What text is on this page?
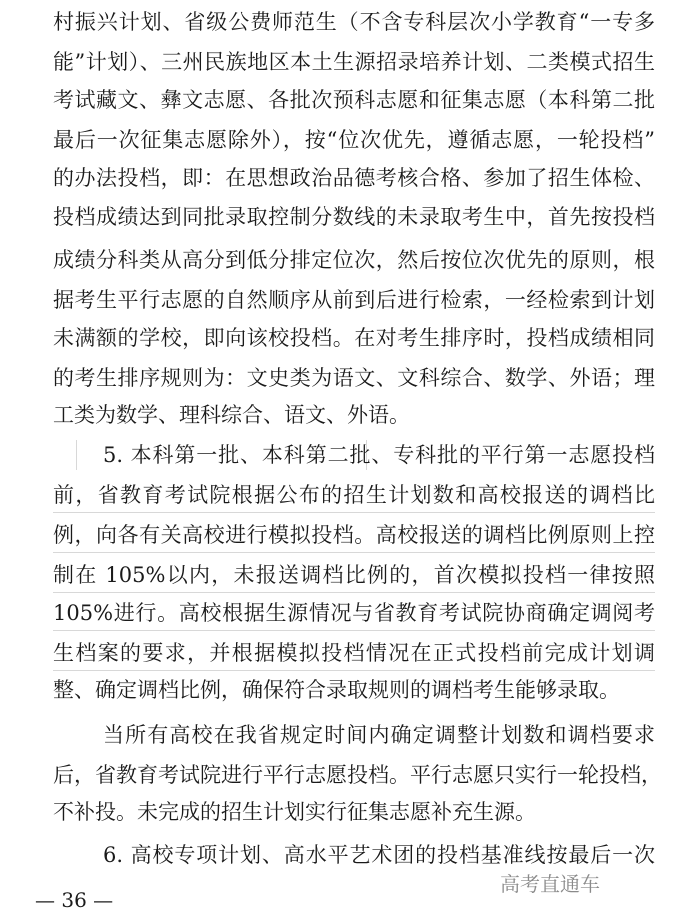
村振兴计划、省级公费师范生（不含专科层次小学教育“一专多
能”计划）、三州民族地区本土生源招录培养计划、二类模式招生
考试藏文、彝文志愿、各批次预科志愿和征集志愿（本科第二批
最后一次征集志愿除外），按“位次优先，遵循志愿，一轮投档”
的办法投档，即：在思想政治品德考核合格、参加了招生体检、
投档成绩达到同批录取控制分数线的未录取考生中，首先按投档
成绩分科类从高分到低分排定位次，然后按位次优先的原则，根
据考生平行志愿的自然顺序从前到后进行检索，一经检索到计划
未满额的学校，即向该校投档。在对考生排序时，投档成绩相同
的考生排序规则为：文史类为语文、文科综合、数学、外语；理
工类为数学、理科综合、语文、外语。
5. 本科第一批、本科第二批、专科批的平行第一志愿投档
前，省教育考试院根据公布的招生计划数和高校报送的调档比
例，向各有关高校进行模拟投档。高校报送的调档比例原则上控
制在 105%以内，未报送调档比例的，首次模拟投档一律按照
105%进行。高校根据生源情况与省教育考试院协商确定调阅考
生档案的要求，并根据模拟投档情况在正式投档前完成计划调
整、确定调档比例，确保符合录取规则的调档考生能够录取。
当所有高校在我省规定时间内确定调整计划数和调档要求
后，省教育考试院进行平行志愿投档。平行志愿只实行一轮投档，
不补投。未完成的招生计划实行征集志愿补充生源。
6. 高校专项计划、高水平艺术团的投档基准线按最后一次
高考直通车
— 36 —
